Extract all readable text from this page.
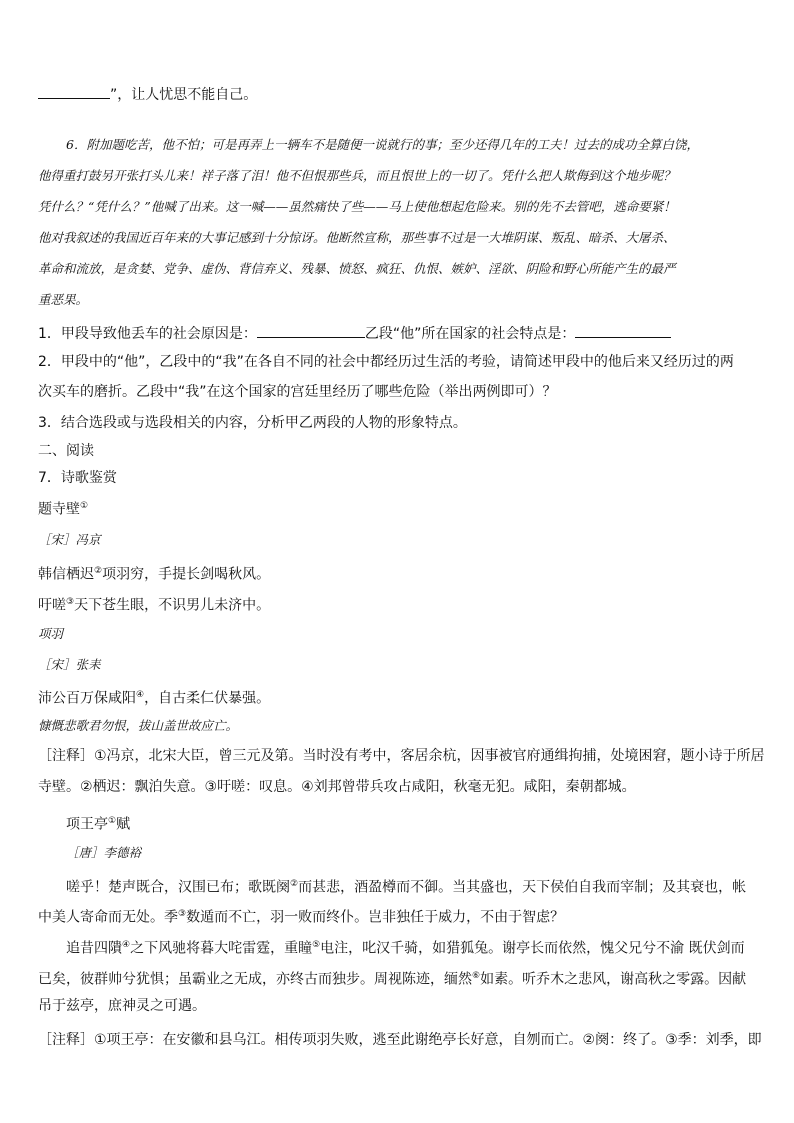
”，让人忧思不能自己。
6．附加题吃苦，他不怕；可是再弄上一辆车不是随便一说就行的事；至少还得几年的工夫！过去的成功全算白饶，
他得重打鼓另开张打头儿来！祥子落了泪！他不但恨那些兵，而且恨世上的一切了。凭什么把人欺侮到这个地步呢？
凭什么？“凭什么？”他喊了出来。这一喊——虽然痛快了些——马上使他想起危险来。别的先不去管吧，逃命要紧！
他对我叙述的我国近百年来的大事记感到十分惊讶。他断然宣称，那些事不过是一大堆阴谋、叛乱、暗杀、大屠杀、
革命和流放，是贪婪、党争、虚伪、背信弃义、残暴、愤怒、疯狂、仇恨、嫉妒、淫欲、阴险和野心所能产生的最严
重恶果。
1．甲段导致他丢车的社会原因是：	乙段“他”所在国家的社会特点是：
2．甲段中的“他”，乙段中的“我”在各自不同的社会中都经历过生活的考验，请简述甲段中的他后来又经历过的两
次买车的磨折。乙段中“我”在这个国家的宫廷里经历了哪些危险（举出两例即可）？
3．结合选段或与选段相关的内容，分析甲乙两段的人物的形象特点。
二、阅读
7．诗歌鉴赏
题寺壁①
［宋］冯京
韩信栖迟②项羽穷，手提长剑喝秋风。
吁嗟③天下苍生眼，不识男儿未济中。
项羽
［宋］张耒
沛公百万保咸阳④，自古柔仁伏暴强。
慷慨悲歌君勿恨，拔山盖世故应亡。
［注释］①冯京，北宋大臣，曾三元及第。当时没有考中，客居余杭，因事被官府通缉拘捕，处境困窘，题小诗于所居
寺壁。②栖迟：飘泊失意。③吁嗟：叹息。④刘邦曾带兵攻占咸阳，秋毫无犯。咸阳，秦朝都城。
项王亭①赋
［唐］李德裕
嗟乎！楚声既合，汉围已布；歌既阕②而甚悲，酒盈樽而不御。当其盛也，天下侯伯自我而宰制；及其衰也，帐
中美人寄命而无处。季③数遁而不亡，羽一败而终仆。岂非独任于威力，不由于智虑？
追昔四隤④之下风驰将暮大咤雷霆，重瞳⑤电注，叱汉千骑，如猎狐兔。谢亭长而依然，愧父兄兮不渝 既伏剑而
已矣，彼群帅兮犹惧；虽霸业之无成，亦终古而独步。周视陈迹，缅然⑥如素。听乔木之悲风，谢高秋之零露。因献
吊于兹亭，庶神灵之可遇。
［注释］①项王亭：在安徽和县乌江。相传项羽失败，逃至此谢绝亭长好意，自刎而亡。②阕：终了。③季：刘季，即
